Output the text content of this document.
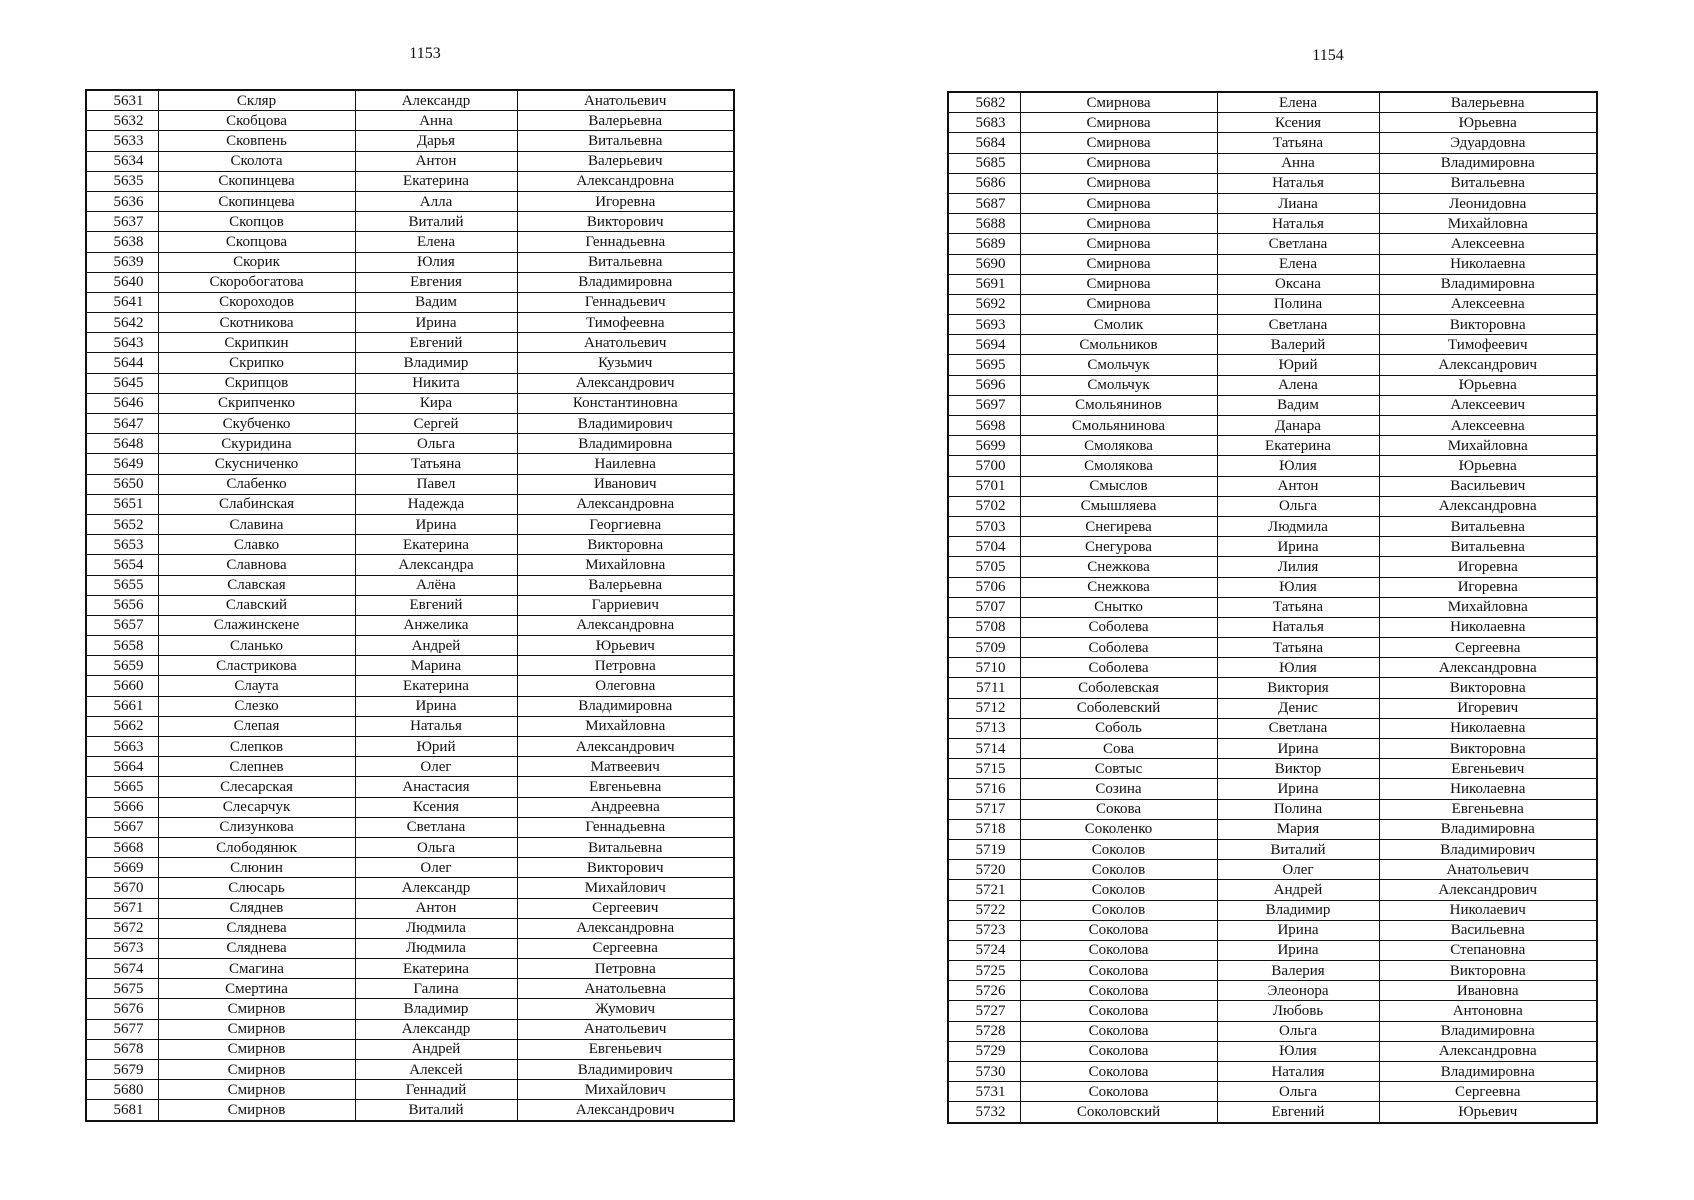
1153
5631	Скляр	Александр	Анатольевич
5632	Скобцова	Анна	Валерьевна
5633	Сковпень	Дарья	Витальевна
5634	Сколота	Антон	Валерьевич
5635	Скопинцева	Екатерина	Александровна
5636	Скопинцева	Алла	Игоревна
5637	Скопцов	Виталий	Викторович
5638	Скопцова	Елена	Геннадьевна
5639	Скорик	Юлия	Витальевна
5640	Скоробогатова	Евгения	Владимировна
5641	Скороходов	Вадим	Геннадьевич
5642	Скотникова	Ирина	Тимофеевна
5643	Скрипкин	Евгений	Анатольевич
5644	Скрипко	Владимир	Кузьмич
5645	Скрипцов	Никита	Александрович
5646	Скрипченко	Кира	Константиновна
5647	Скубченко	Сергей	Владимирович
5648	Скуридина	Ольга	Владимировна
5649	Скусниченко	Татьяна	Наилевна
5650	Слабенко	Павел	Иванович
5651	Слабинская	Надежда	Александровна
5652	Славина	Ирина	Георгиевна
5653	Славко	Екатерина	Викторовна
5654	Славнова	Александра	Михайловна
5655	Славская	Алёна	Валерьевна
5656	Славский	Евгений	Гарриевич
5657	Слажинскене	Анжелика	Александровна
5658	Сланько	Андрей	Юрьевич
5659	Сластрикова	Марина	Петровна
5660	Слаута	Екатерина	Олеговна
5661	Слезко	Ирина	Владимировна
5662	Слепая	Наталья	Михайловна
5663	Слепков	Юрий	Александрович
5664	Слепнев	Олег	Матвеевич
5665	Слесарская	Анастасия	Евгеньевна
5666	Слесарчук	Ксения	Андреевна
5667	Слизункова	Светлана	Геннадьевна
5668	Слободянюк	Ольга	Витальевна
5669	Слюнин	Олег	Викторович
5670	Слюсарь	Александр	Михайлович
5671	Сляднев	Антон	Сергеевич
5672	Сляднева	Людмила	Александровна
5673	Сляднева	Людмила	Сергеевна
5674	Смагина	Екатерина	Петровна
5675	Смертина	Галина	Анатольевна
5676	Смирнов	Владимир	Жумович
5677	Смирнов	Александр	Анатольевич
5678	Смирнов	Андрей	Евгеньевич
5679	Смирнов	Алексей	Владимирович
5680	Смирнов	Геннадий	Михайлович
5681	Смирнов	Виталий	Александрович
1154
5682	Смирнова	Елена	Валерьевна
5683	Смирнова	Ксения	Юрьевна
5684	Смирнова	Татьяна	Эдуардовна
5685	Смирнова	Анна	Владимировна
5686	Смирнова	Наталья	Витальевна
5687	Смирнова	Лиана	Леонидовна
5688	Смирнова	Наталья	Михайловна
5689	Смирнова	Светлана	Алексеевна
5690	Смирнова	Елена	Николаевна
5691	Смирнова	Оксана	Владимировна
5692	Смирнова	Полина	Алексеевна
5693	Смолик	Светлана	Викторовна
5694	Смольников	Валерий	Тимофеевич
5695	Смольчук	Юрий	Александрович
5696	Смольчук	Алена	Юрьевна
5697	Смольянинов	Вадим	Алексеевич
5698	Смольянинова	Данара	Алексеевна
5699	Смолякова	Екатерина	Михайловна
5700	Смолякова	Юлия	Юрьевна
5701	Смыслов	Антон	Васильевич
5702	Смышляева	Ольга	Александровна
5703	Снегирева	Людмила	Витальевна
5704	Снегурова	Ирина	Витальевна
5705	Снежкова	Лилия	Игоревна
5706	Снежкова	Юлия	Игоревна
5707	Снытко	Татьяна	Михайловна
5708	Соболева	Наталья	Николаевна
5709	Соболева	Татьяна	Сергеевна
5710	Соболева	Юлия	Александровна
5711	Соболевская	Виктория	Викторовна
5712	Соболевский	Денис	Игоревич
5713	Соболь	Светлана	Николаевна
5714	Сова	Ирина	Викторовна
5715	Совтыс	Виктор	Евгеньевич
5716	Созина	Ирина	Николаевна
5717	Сокова	Полина	Евгеньевна
5718	Соколенко	Мария	Владимировна
5719	Соколов	Виталий	Владимирович
5720	Соколов	Олег	Анатольевич
5721	Соколов	Андрей	Александрович
5722	Соколов	Владимир	Николаевич
5723	Соколова	Ирина	Васильевна
5724	Соколова	Ирина	Степановна
5725	Соколова	Валерия	Викторовна
5726	Соколова	Элеонора	Ивановна
5727	Соколова	Любовь	Антоновна
5728	Соколова	Ольга	Владимировна
5729	Соколова	Юлия	Александровна
5730	Соколова	Наталия	Владимировна
5731	Соколова	Ольга	Сергеевна
5732	Соколовский	Евгений	Юрьевич
